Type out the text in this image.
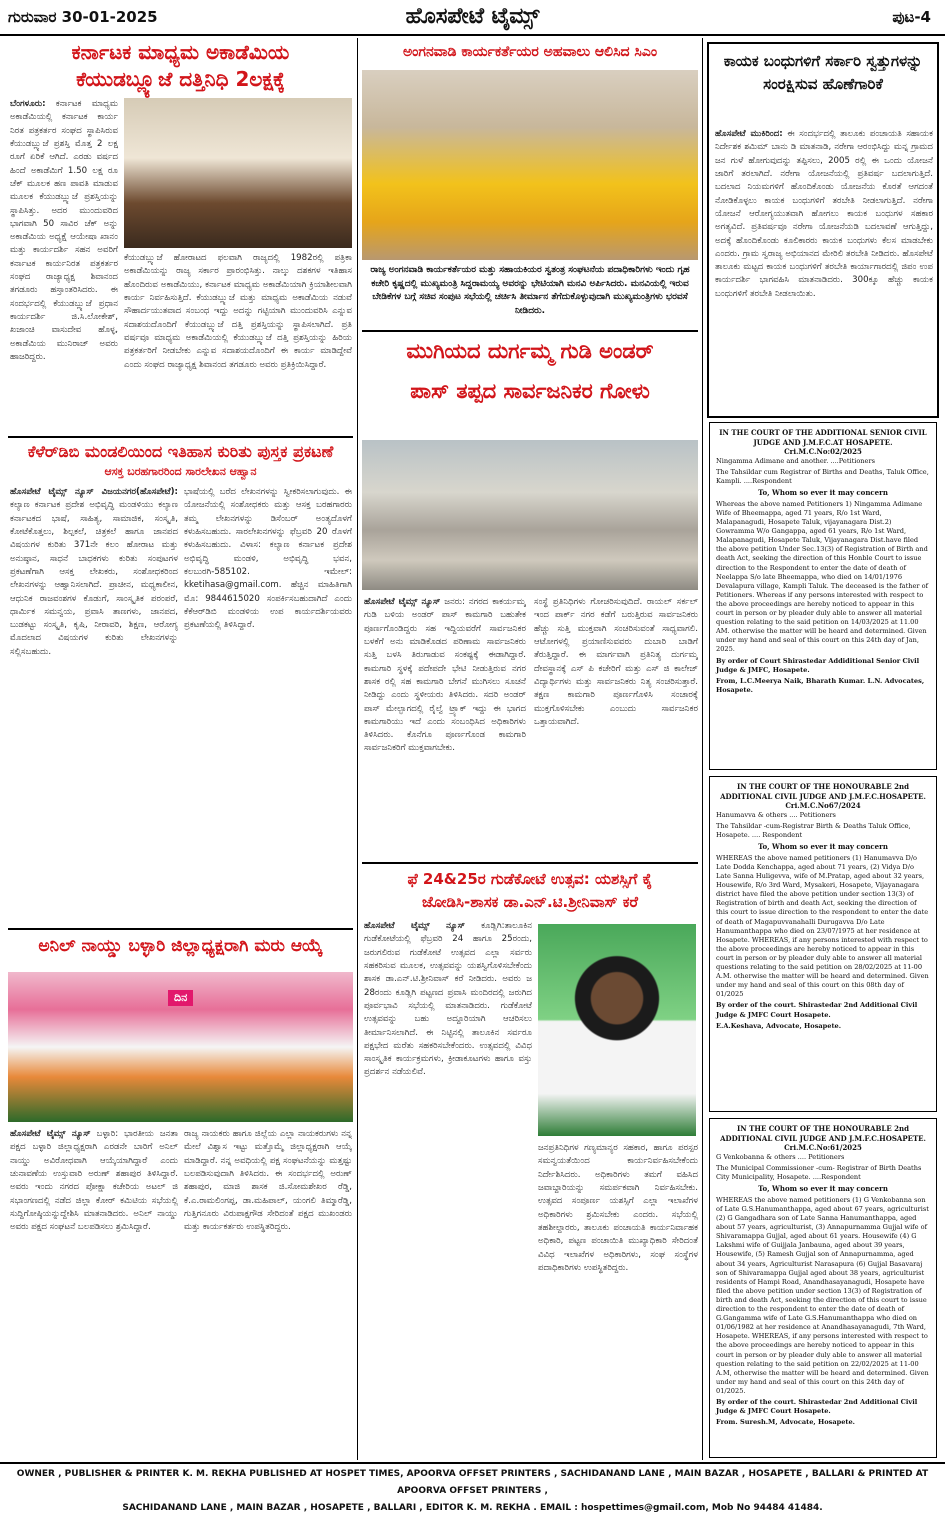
ಹೊಸಪೇಟೆ ಟೈಮ್ಸ್
ಗುರುವಾರ 30-01-2025	ಪುಟ-4
ಕರ್ನಾಟಕ ಮಾಧ್ಯಮ ಅಕಾಡೆಮಿಯ
ಕೆಯುಡಬ್ಲ್ಯೂಜೆ ದತ್ತಿನಿಧಿ 2ಲಕ್ಷಕ್ಕೆ
ಬೆಂಗಳೂರು: ಕರ್ನಾಟಕ ಮಾಧ್ಯಮ ಅಕಾಡೆಮಿಯಲ್ಲಿ ಕರ್ನಾಟಕ ಕಾರ್ಯ ನಿರತ ಪತ್ರಕರ್ತರ ಸಂಘದ ಸ್ಥಾಪಿಸಿರುವ ಕೆಯುಡಬ್ಲ್ಯುಜೆ ಪ್ರಶಸ್ತಿ ಮೊತ್ತ 2 ಲಕ್ಷ ರೂಗೆ ಏರಿಕೆ ಆಗಿದೆ. ಎರಡು ವರ್ಷದ ಹಿಂದೆ ಅಕಾಡೆಮಿಗೆ 1.50 ಲಕ್ಷ ರೂ ಚೆಕ್ ಮೂಲಕ ಹಣ ಪಾವತಿ ಮಾಡುವ ಮೂಲಕ ಕೆಯುಡಬ್ಲ್ಯುಜೆ ಪ್ರಶಸ್ತಿಯನ್ನು ಸ್ಥಾಪಿಸಿತ್ತು. ಅದರ ಮುಂದುವರಿದ ಭಾಗವಾಗಿ 50 ಸಾವಿರ ಚೆಕ್ ಅನ್ನು ಅಕಾಡೆಮಿಯ ಅಧ್ಯಕ್ಷೆ ಆಯೇಷಾ ಖಾನಂ ಮತ್ತು ಕಾರ್ಯದರ್ಶಿ ಸಹನ ಅವರಿಗೆ ಕರ್ನಾಟಕ ಕಾರ್ಯನಿರತ ಪತ್ರಕರ್ತರ ಸಂಘದ ರಾಜ್ಯಾಧ್ಯಕ್ಷ ಶಿವಾನಂದ ತಗಡೂರು ಹಸ್ತಾಂತರಿಸಿದರು. ಈ ಸಂದರ್ಭದಲ್ಲಿ ಕೆಯುಡಬ್ಲ್ಯುಜೆ ಪ್ರಧಾನ ಕಾರ್ಯದರ್ಶಿ ಜಿ.ಸಿ.ಲೋಕೇಶ್, ಖಜಾಂಚಿ ವಾಸುದೇವ ಹೊಳ್ಳ, ಅಕಾಡೆಮಿಯ ಮುನಿರಾಜ್ ಅವರು ಹಾಜರಿದ್ದರು.
ಕೆಯುಡಬ್ಲ್ಯುಜೆ ಹೋರಾಟದ ಫಲವಾಗಿ ರಾಜ್ಯದಲ್ಲಿ 1982ರಲ್ಲಿ ಪತ್ರಿಕಾ ಅಕಾಡೆಮಿಯನ್ನು ರಾಜ್ಯ ಸರ್ಕಾರ ಪ್ರಾರಂಭಿಸಿತ್ತು. ನಾಲ್ಕು ದಶಕಗಳ ಇತಿಹಾಸ ಹೊಂದಿರುವ ಅಕಾಡೆಮಿಯು, ಕರ್ನಾಟಕ ಮಾಧ್ಯಮ ಅಕಾಡೆಮಿಯಾಗಿ ಕ್ರಿಯಾಶೀಲವಾಗಿ ಕಾರ್ಯ ನಿರ್ವಹಿಸುತ್ತಿದೆ. ಕೆಯುಡಬ್ಲ್ಯುಜೆ ಮತ್ತು ಮಾಧ್ಯಮ ಅಕಾಡೆಮಿಯ ನಡುವೆ ಸೌಹಾರ್ದಯುತವಾದ ಸಂಬಂಧ ಇದ್ದು ಅದನ್ನು ಗಟ್ಟಿಯಾಗಿ ಮುಂದುವರಿಸಿ ಎನ್ನುವ ಸದಾಶಯದೊಂದಿಗೆ ಕೆಯುಡಬ್ಲ್ಯುಜೆ ದತ್ತಿ ಪ್ರಶಸ್ತಿಯನ್ನು ಸ್ಥಾಪಿಸಲಾಗಿದೆ. ಪ್ರತಿ ವರ್ಷವೂ ಮಾಧ್ಯಮ ಅಕಾಡೆಮಿಯಲ್ಲಿ ಕೆಯುಡಬ್ಲ್ಯುಜೆ ದತ್ತಿ ಪ್ರಶಸ್ತಿಯನ್ನು ಹಿರಿಯ ಪತ್ರಕರ್ತರಿಗೆ ನೀಡಬೇಕು ಎನ್ನುವ ಸದಾಶಯದೊಂದಿಗೆ ಈ ಕಾರ್ಯ ಮಾಡಿದ್ದೇವೆ ಎಂದು ಸಂಘದ ರಾಜ್ಯಾಧ್ಯಕ್ಷ ಶಿವಾನಂದ ತಗಡೂರು ಅವರು ಪ್ರತಿಕ್ರಿಯಿಸಿದ್ದಾರೆ.
ಕೆಳೆರ್‌ಡಿಬಿ ಮಂಡಲಿಯಿಂದ ಇತಿಹಾಸ ಕುರಿತು ಪುಸ್ತಕ ಪ್ರಕಟಣೆ
ಆಸಕ್ತ ಬರಹಗಾರರಿಂದ ಸಾರಲೇಖನ ಆಹ್ವಾನ
ಹೊಸಪೇಟೆ ಟೈಮ್ಸ್ ನ್ಯೂಸ್ ವಿಜಯನಗರ(ಹೊಸಪೇಟೆ): ಕಲ್ಯಾಣ ಕರ್ನಾಟಕ ಪ್ರದೇಶ ಅಭಿವೃದ್ಧಿ ಮಂಡಳಿಯು ಕಲ್ಯಾಣ ಕರ್ನಾಟಕದ ಭಾಷೆ, ಸಾಹಿತ್ಯ, ಸಾಮಾಜಿಕ, ಸಂಸ್ಕೃತಿ, ಕೋಟೆಕೊತ್ತಲು, ಶಿಲ್ಪಕಲೆ, ಚಿತ್ರಕಲೆ ಹಾಗೂ ಜಾನಪದ ವಿಷಯಗಳ ಕುರಿತು 371ನೇ ಕಲಂ ಹೋರಾಟ ಮತ್ತು ಅನುಷ್ಠಾನ, ಸಾಧನೆ ಬಾಧಕಗಳು ಕುರಿತು ಸಂಪುಟಗಳ ಪ್ರಕಟಣೆಗಾಗಿ ಆಸಕ್ತ ಲೇಖಕರು, ಸಂಶೋಧಕರಿಂದ ಲೇಖನಗಳನ್ನು ಆಹ್ವಾನಿಸಲಾಗಿದೆ. ಪ್ರಾಚೀನ, ಮಧ್ಯಕಾಲೀನ, ಆಧುನಿಕ ರಾಜವಂಶಗಳ ಕೊಡುಗೆ, ಸಾಂಸ್ಕೃತಿಕ ಪರಂಪರೆ, ಧಾರ್ಮಿಕ ಸಮನ್ವಯ, ಪ್ರವಾಸಿ ತಾಣಗಳು, ಜಾನಪದ, ಬುಡಕಟ್ಟು ಸಂಸ್ಕೃತಿ, ಕೃಷಿ, ನೀರಾವರಿ, ಶಿಕ್ಷಣ, ಆರೋಗ್ಯ ಮೊದಲಾದ ವಿಷಯಗಳ ಕುರಿತು ಲೇಖನಗಳನ್ನು ಸಲ್ಲಿಸಬಹುದು.
ಭಾಷೆಯಲ್ಲಿ ಬರೆದ ಲೇಖನಗಳನ್ನು ಸ್ವೀಕರಿಸಲಾಗುವುದು. ಈ ಯೋಜನೆಯಲ್ಲಿ ಸಂಶೋಧಕರು ಮತ್ತು ಆಸಕ್ತ ಬರಹಗಾರರು ತಮ್ಮ ಲೇಖನಗಳನ್ನು ಡಿಸೆಂಬರ್ ಅಂತ್ಯದೊಳಗೆ ಕಳುಹಿಸಬಹುದು. ಸಾರಲೇಖನಗಳನ್ನು ಫೆಬ್ರವರಿ 20 ರೊಳಗೆ ಕಳುಹಿಸಬಹುದು. ವಿಳಾಸ: ಕಲ್ಯಾಣ ಕರ್ನಾಟಕ ಪ್ರದೇಶ ಅಭಿವೃದ್ಧಿ ಮಂಡಳಿ, ಅಭಿವೃದ್ಧಿ ಭವನ, ಕಲಬುರಗಿ-585102. ಇಮೇಲ್: kketihasa@gmail.com. ಹೆಚ್ಚಿನ ಮಾಹಿತಿಗಾಗಿ ಮೊ: 9844615020 ಸಂಪರ್ಕಿಸಬಹುದಾಗಿದೆ ಎಂದು ಕೆಕೆಆರ್‌ಡಿಬಿ ಮಂಡಳಿಯ ಉಪ ಕಾರ್ಯದರ್ಶಿಯವರು ಪ್ರಕಟಣೆಯಲ್ಲಿ ತಿಳಿಸಿದ್ದಾರೆ.
ಅನಿಲ್ ನಾಯ್ಡು ಬಳ್ಳಾರಿ ಜಿಲ್ಲಾಧ್ಯಕ್ಷರಾಗಿ ಮರು ಆಯ್ಕೆ
ದಿನ
ಹೊಸಪೇಟೆ ಟೈಮ್ಸ್ ನ್ಯೂಸ್ ಬಳ್ಳಾರಿ: ಭಾರತೀಯ ಜನತಾ ಪಕ್ಷದ ಬಳ್ಳಾರಿ ಜಿಲ್ಲಾಧ್ಯಕ್ಷರಾಗಿ ಎರಡನೇ ಬಾರಿಗೆ ಅನಿಲ್ ನಾಯ್ಡು ಅವಿರೋಧವಾಗಿ ಆಯ್ಕೆಯಾಗಿದ್ದಾರೆ ಎಂದು ಚುನಾವಣೆಯ ಉಸ್ತುವಾರಿ ಅರುಣ್ ಶಹಾಪುರ ತಿಳಿಸಿದ್ದಾರೆ. ಅವರು ಇಂದು ನಗರದ ಪೋಕ್ಷಾ ಕಚೇರಿಯ ಅಟಲ್ ಜಿ ಸಭಾಂಗಣದಲ್ಲಿ ನಡೆದ ಜಿಲ್ಲಾ ಕೋರ್ ಕಮಿಟಿಯ ಸಭೆಯಲ್ಲಿ ಸುದ್ದಿಗೋಷ್ಠಿಯನ್ನುದ್ದೇಶಿಸಿ ಮಾತನಾಡಿದರು. ಅನಿಲ್ ನಾಯ್ಡು ಅವರು ಪಕ್ಷದ ಸಂಘಟನೆ ಬಲಪಡಿಸಲು ಶ್ರಮಿಸಿದ್ದಾರೆ.
ರಾಜ್ಯ ನಾಯಕರು ಹಾಗೂ ಜಿಲ್ಲೆಯ ಎಲ್ಲಾ ನಾಯಕರುಗಳು ನನ್ನ ಮೇಲೆ ವಿಶ್ವಾಸ ಇಟ್ಟು ಮತ್ತೊಮ್ಮೆ ಜಿಲ್ಲಾಧ್ಯಕ್ಷರಾಗಿ ಆಯ್ಕೆ ಮಾಡಿದ್ದಾರೆ. ನನ್ನ ಅವಧಿಯಲ್ಲಿ ಪಕ್ಷ ಸಂಘಟನೆಯನ್ನು ಮತ್ತಷ್ಟು ಬಲಪಡಿಸುವುದಾಗಿ ತಿಳಿಸಿದರು. ಈ ಸಂದರ್ಭದಲ್ಲಿ ಅರುಣ್ ಶಹಾಪುರ, ಮಾಜಿ ಶಾಸಕ ಜಿ.ಸೋಮಶೇಖರ ರೆಡ್ಡಿ, ಕೆ.ಎ.ರಾಮಲಿಂಗಪ್ಪ, ಡಾ.ಮಹಿಪಾಲ್, ಯಂಗಲಿ ತಿಮ್ಮಾರೆಡ್ಡಿ, ಗುತ್ತಿಗನೂರು ವಿರುಪಾಕ್ಷಗೌಡ ಸೇರಿದಂತೆ ಪಕ್ಷದ ಮುಖಂಡರು ಮತ್ತು ಕಾರ್ಯಕರ್ತರು ಉಪಸ್ಥಿತರಿದ್ದರು.
ಅಂಗನವಾಡಿ ಕಾರ್ಯಕರ್ತೆಯರ ಅಹವಾಲು ಆಲಿಸಿದ ಸಿಎಂ
ರಾಜ್ಯ ಅಂಗನವಾಡಿ ಕಾರ್ಯಕರ್ತೆಯರ ಮತ್ತು ಸಹಾಯಕಿಯರ ಸ್ವತಂತ್ರ ಸಂಘಟನೆಯ ಪದಾಧಿಕಾರಿಗಳು ಇಂದು ಗೃಹ ಕಚೇರಿ ಕೃಷ್ಣದಲ್ಲಿ ಮುಖ್ಯಮಂತ್ರಿ ಸಿದ್ದರಾಮಯ್ಯ ಅವರನ್ನು ಭೇಟಿಯಾಗಿ ಮನವಿ ಅರ್ಪಿಸಿದರು. ಮನವಿಯಲ್ಲಿ ಇರುವ ಬೇಡಿಕೆಗಳ ಬಗ್ಗೆ ಸಚಿವ ಸಂಪುಟ ಸಭೆಯಲ್ಲಿ ಚರ್ಚಿಸಿ ತೀರ್ಮಾನ ತೆಗೆದುಕೊಳ್ಳುವುದಾಗಿ ಮುಖ್ಯಮಂತ್ರಿಗಳು ಭರವಸೆ ನೀಡಿದರು.
ಮುಗಿಯದ ದುರ್ಗಮ್ಮ ಗುಡಿ ಅಂಡರ್
ಪಾಸ್ ತಪ್ಪದ ಸಾರ್ವಜನಿಕರ ಗೋಳು
ಹೊಸಪೇಟೆ ಟೈಮ್ಸ್ ನ್ಯೂಸ್ ಜನರು: ನಗರದ ಕಾಕರ್ಯಮ್ಮ ಗುಡಿ ಬಳಿಯ ಅಂಡರ್ ಪಾಸ್ ಕಾಮಗಾರಿ ಬಹುತೇಕ ಪೂರ್ಣಗೊಂಡಿದ್ದರು ಸಹ ಇದ್ದಿಯವರೆಗೆ ಸಾರ್ವಜನಿಕರ ಬಳಕೆಗೆ ಅನು ಮಾಡಿಕೊಡದ ಪರಿಣಾಮ ಸಾರ್ವಜನಿಕರು ಸುತ್ತಿ ಬಳಸಿ ತಿರುಗಾಡುವ ಸಂಕಷ್ಟಕ್ಕೆ ಈಡಾಗಿದ್ದಾರೆ. ಕಾಮಗಾರಿ ಸ್ಥಳಕ್ಕೆ ಪದೇಪದೇ ಭೇಟಿ ನೀಡುತ್ತಿರುವ ನಗರ ಶಾಸಕ ರಲ್ಲಿ ಸಹ ಕಾಮಗಾರಿ ಬೇಗನೆ ಮುಗಿಸಲು ಸೂಚನೆ ನೀಡಿದ್ದು ಎಂದು ಸ್ಥಳೀಯರು ತಿಳಿಸಿದರು. ಸದರಿ ಅಂಡರ್ ಪಾಸ್ ಮೇಲ್ಭಾಗದಲ್ಲಿ ರೈಲ್ವೆ ಟ್ರ್ಯಾಕ್ ಇದ್ದು ಈ ಭಾಗದ ಕಾಮಗಾರಿಯು ಇದೆ ಎಂದು ಸಂಬಂಧಿಸಿದ ಅಧಿಕಾರಿಗಳು ತಿಳಿಸಿದರು. ಕೊನೆಗೂ ಪೂರ್ಣಗೊಂಡ ಕಾಮಗಾರಿ ಸಾರ್ವಜನಿಕರಿಗೆ ಮುಕ್ತವಾಗಬೇಕು.
ಸಂಸ್ಥೆ ಪ್ರತಿನಿಧಿಗಳು ಗೋಚರಿಸುವುದಿದೆ. ರಾಯಲ್ ಸರ್ಕಲ್ ಇಂದ ಪಾರ್ಕ್ ನಗರ ಕಡೆಗೆ ಬರುತ್ತಿರುವ ಸಾರ್ವಜನಿಕರು ಹೆಚ್ಚು ಸುತ್ತಿ ಮುಕ್ತವಾಗಿ ಸಂಚರಿಸುವಂತೆ ಸಾಧ್ಯವಾಗಲಿ. ಆಟೋಗಳಲ್ಲಿ ಪ್ರಯಾಣಿಸುವವರು ದುಬಾರಿ ಬಾಡಿಗೆ ತೆರುತ್ತಿದ್ದಾರೆ. ಈ ಮಾರ್ಗವಾಗಿ ಪ್ರತಿನಿತ್ಯ ದುರ್ಗಮ್ಮ ದೇವಸ್ಥಾನಕ್ಕೆ ಎಸ್ ಪಿ ಕಚೇರಿಗೆ ಮತ್ತು ಎಸ್ ಜಿ ಕಾಲೇಜ್ ವಿದ್ಯಾರ್ಥಿಗಳು ಮತ್ತು ಸಾರ್ವಜನಿಕರು ನಿತ್ಯ ಸಂಚರಿಸುತ್ತಾರೆ. ತಕ್ಷಣ ಕಾಮಗಾರಿ ಪೂರ್ಣಗೊಳಿಸಿ ಸಂಚಾರಕ್ಕೆ ಮುಕ್ತಗೊಳಿಸಬೇಕು ಎಂಬುದು ಸಾರ್ವಜನಿಕರ ಒತ್ತಾಯವಾಗಿದೆ.
ಫೆ 24&25ರ ಗುಡೆಕೋಟೆ ಉತ್ಸವ: ಯಶಸ್ಸಿಗೆ ಕೈ
ಜೋಡಿಸಿ-ಶಾಸಕ ಡಾ.ಎನ್.ಟಿ.ಶ್ರೀನಿವಾಸ್ ಕರೆ
ಹೊಸಪೇಟೆ ಟೈಮ್ಸ್ ನ್ಯೂಸ್ ಕೂಡ್ಲಿಗಿ:ತಾಲೂಕಿನ ಗುಡೆಕೋಟೆಯಲ್ಲಿ ಫೆಬ್ರವರಿ 24 ಹಾಗೂ 25ರಂದು, ಜರುಗಲಿರುವ ಗುಡೆಕೋಟೆ ಉತ್ಸವದ ಎಲ್ಲಾ ಸರ್ವರು ಸಹಕರಿಸುವ ಮೂಲಕ, ಉತ್ಸವವನ್ನು ಯಶಸ್ವಿಗೊಳಿಸಬೇಕೆಂದು ಶಾಸಕ ಡಾ.ಎನ್.ಟಿ.ಶ್ರೀನಿವಾಸ್ ಕರೆ ನೀಡಿದರು. ಅವರು ಜ 28ರಂದು ಕೂಡ್ಲಿಗಿ ಪಟ್ಟಣದ ಪ್ರವಾಸಿ ಮಂದಿರದಲ್ಲಿ ಜರುಗಿದ ಪೂರ್ವಭಾವಿ ಸಭೆಯಲ್ಲಿ ಮಾತನಾಡಿದರು. ಗುಡೆಕೋಟೆ ಉತ್ಸವವನ್ನು ಬಹು ಅದ್ದೂರಿಯಾಗಿ ಆಚರಿಸಲು ತೀರ್ಮಾನಿಸಲಾಗಿದೆ. ಈ ನಿಟ್ಟಿನಲ್ಲಿ ತಾಲೂಕಿನ ಸರ್ವರೂ ಪಕ್ಷಭೇದ ಮರೆತು ಸಹಕರಿಸಬೇಕೆಂದರು. ಉತ್ಸವದಲ್ಲಿ ವಿವಿಧ ಸಾಂಸ್ಕೃತಿಕ ಕಾರ್ಯಕ್ರಮಗಳು, ಕ್ರೀಡಾಕೂಟಗಳು ಹಾಗೂ ವಸ್ತು ಪ್ರದರ್ಶನ ನಡೆಯಲಿವೆ.
ಜನಪ್ರತಿನಿಧಿಗಳ ಗಣ್ಯಮಾನ್ಯರ ಸಹಕಾರ, ಹಾಗೂ ಪರಸ್ಪರ ಸಮನ್ವಯತೆಯಿಂದ ಕಾರ್ಯನಿರ್ವಹಿಸಬೇಕೆಂದು ನಿರ್ದೇಶಿಸಿದರು. ಅಧಿಕಾರಿಗಳು ತಮಗೆ ವಹಿಸಿದ ಜವಾಬ್ದಾರಿಯನ್ನು ಸಮರ್ಪಕವಾಗಿ ನಿರ್ವಹಿಸಬೇಕು. ಉತ್ಸವದ ಸಂಪೂರ್ಣ ಯಶಸ್ಸಿಗೆ ಎಲ್ಲಾ ಇಲಾಖೆಗಳ ಅಧಿಕಾರಿಗಳು ಶ್ರಮಿಸಬೇಕು ಎಂದರು. ಸಭೆಯಲ್ಲಿ ತಹಶೀಲ್ದಾರರು, ತಾಲೂಕು ಪಂಚಾಯತಿ ಕಾರ್ಯನಿರ್ವಾಹಕ ಅಧಿಕಾರಿ, ಪಟ್ಟಣ ಪಂಚಾಯಿತಿ ಮುಖ್ಯಾಧಿಕಾರಿ ಸೇರಿದಂತೆ ವಿವಿಧ ಇಲಾಖೆಗಳ ಅಧಿಕಾರಿಗಳು, ಸಂಘ ಸಂಸ್ಥೆಗಳ ಪದಾಧಿಕಾರಿಗಳು ಉಪಸ್ಥಿತರಿದ್ದರು.
ಕಾಯಕ ಬಂಧುಗಳಿಗೆ ಸರ್ಕಾರಿ ಸ್ವತ್ತುಗಳನ್ನು ಸಂರಕ್ಷಿಸುವ ಹೊಣೆಗಾರಿಕೆ
ಹೊಸಪೇಟೆ ಮುಕಿರಿಂದ: ಈ ಸಂದರ್ಭದಲ್ಲಿ ತಾಲೂಕು ಪಂಚಾಯತಿ ಸಹಾಯಕ ನಿರ್ದೇಶಕ ಶಮಿಮ್ ಬಾನು ಡಿ ಮಾತನಾಡಿ, ನರೇಗಾ ಆರಂಭಿಸಿದ್ದು ಮನ್ನ ಗ್ರಾಮದ ಜನ ಗುಳೆ ಹೋಗುವುದನ್ನು ತಪ್ಪಿಸಲು, 2005 ರಲ್ಲಿ ಈ ಒಂದು ಯೋಜನೆ ಜಾರಿಗೆ ತರಲಾಗಿದೆ. ನರೇಗಾ ಯೋಜನೆಯಲ್ಲಿ ಪ್ರತಿವರ್ಷ ಬದಲಾಗುತ್ತಿದೆ. ಬದಲಾದ ನಿಯಮಗಳಿಗೆ ಹೊಂದಿಕೊಂಡು ಯೋಜನೆಯ ಕೊರತೆ ಆಗದಂತೆ ನೋಡಿಕೊಳ್ಳಲು ಕಾಯಕ ಬಂಧುಗಳಿಗೆ ತರಬೇತಿ ನೀಡಲಾಗುತ್ತಿದೆ. ನರೇಗಾ ಯೋಜನೆ ಆರೋಗ್ಯಯುತವಾಗಿ ಹೋಗಲು ಕಾಯಕ ಬಂಧುಗಳ ಸಹಕಾರ ಅಗತ್ಯವಿದೆ. ಪ್ರತಿವರ್ಷವೂ ನರೇಗಾ ಯೋಜನೆಯಡಿ ಬದಲಾವಣೆ ಆಗುತ್ತಿದ್ದು, ಅದಕ್ಕೆ ಹೊಂದಿಕೊಂಡು ಕೂಲಿಕಾರರು ಕಾಯಕ ಬಂಧುಗಳು ಕೆಲಸ ಮಾಡಬೇಕು ಎಂದರು. ಗ್ರಾಮ ಸ್ವರಾಜ್ಯ ಅಭಿಯಾನದ ಮೇರಿಲಿ ತರಬೇತಿ ನೀಡಿದರು. ಹೊಸಪೇಟೆ ತಾಲೂಕು ಮಟ್ಟದ ಕಾಯಕ ಬಂಧುಗಳಿಗೆ ತರಬೇತಿ ಕಾರ್ಯಾಗಾರದಲ್ಲಿ ಜಿಪಂ ಉಪ ಕಾರ್ಯದರ್ಶಿ ಭಾಗವಹಿಸಿ ಮಾತನಾಡಿದರು. 300ಕ್ಕೂ ಹೆಚ್ಚು ಕಾಯಕ ಬಂಧುಗಳಿಗೆ ತರಬೇತಿ ನೀಡಲಾಯಿತು.
IN THE COURT OF THE ADDITIONAL SENIOR CIVIL JUDGE AND J.M.F.C.AT HOSAPETE.
Cri.M.C.No:02/2025

Ningamma Adimane and another. ....Petitioners

The Tahsildar cum Registrar of Births and Deaths, Taluk Office, Kampli. ....Respondent

To, Whom so ever it may concern

Whereas the above named Petitioners 1) Ningamma Adimane Wife of Bheemappa, aged 71 years, R/o 1st Ward, Malapanagudi, Hosapete Taluk, vijayanagara Dist.2) Gowramma W/o Gangappa, aged 61 years, R/o 1st Ward, Malapanagudi, Hosapete Taluk, Vijayanagara Dist.have filed the above petition Under Sec.13(3) of Registration of Birth and death Act, seeking the direction of this Honble Court to issue direction to the Respondent to enter the date of death of Neelappa S/o late Bheemappa, who died on 14/01/1976 Devalapura village, Kampli Taluk. The deceased is the father of Petitioners. Whereas if any persons interested with respect to the above proceedings are hereby noticed to appear in this court in person or by pleader duly able to answer all material question relating to the said petition on 14/03/2025 at 11.00 AM. otherwise the matter will be heard and determined. Given under my hand and seal of this court on this 24th day of Jan, 2025.

By order of Court Shirastedar Addiditional Senior Civil Judge & JMFC, Hosapete.

From, L.C.Meerya Naik, Bharath Kumar. L.N. Advocates, Hosapete.

IN THE COURT OF THE HONOURABLE 2nd ADDITIONAL CIVIL JUDGE AND J.M.F.C.HOSAPETE.
Cri.M.C.No67/2024

Hanumavva & others .... Petitioners

The Tahsildar -cum-Registrar Birth & Deaths Taluk Office, Hosapete. .... Respondent

To, Whom so ever it may concern

WHEREAS the above named petitioners (1) Hanumavva D/o Late Dodda Kenchappa, aged about 71 years, (2) Vidya D/o Late Sanna Huligevva, wife of M.Pratap, aged about 32 years, Housewife, R/o 3rd Ward, Mysakeri, Hosapete, Vijayanagara district have filed the above petition under section 13(3) of Registration of birth and death Act, seeking the direction of this court to issue direction to the respondent to enter the date of death of Magapuvvanahalli Durugavva D/o Late Hanumanthappa who died on 23/07/1975 at her residence at Hosapete. WHEREAS, if any persons interested with respect to the above proceedings are hereby noticed to appear in this court in person or by pleader duly able to answer all material questions relating to the said petition on 28/02/2025 at 11-00 A.M. otherwise the matter will be heard and determined. Given under my hand and seal of this court on this 08th day of 01/2025

By order of the court. Shirastedar 2nd Additional Civil Judge & JMFC Court Hosapete.

E.A.Keshava, Advocate, Hosapete.

IN THE COURT OF THE HONOURABLE 2nd ADDITIONAL CIVIL JUDGE AND J.M.F.C.HOSAPETE.
Cri.M.C.No:61/2025

G Venkobanna & others .... Petitioners

The Municipal Commissioner -cum- Registrar of Birth Deaths City Municipality, Hosapete. ....Respondent

To, Whom so ever it may concern

WHEREAS the above named petitioners (1) G Venkobanna son of Late G.S.Hanumanthappa, aged about 67 years, agriculturist (2) G Gangadhara son of Late Sanna Hanumanthappa, aged about 57 years, agriculturist, (3) Annapurnamma Gujjal wife of Shivaramappa Gujjal, aged about 61 years. Housewife (4) G Lakshmi wife of Guijjala Janbauna, aged about 39 years, Housewife, (5) Ramesh Gujjal son of Annapurnamma, aged about 34 years, Agriculturist Narasapura (6) Gujjal Basavaraj son of Shivaramappa Gujjal aged about 38 years, agriculturist residents of Hampi Road, Anandhasayanagudi, Hosapete have filed the above petition under section 13(3) of Registration of birth and death Act, seeking the direction of this court to issue direction to the respondent to enter the date of death of G.Gangamma wife of Late G.S.Hanumanthappa who died on 01/06/1982 at her residence at Anandhasayanagudi, 7th Ward, Hosapete. WHEREAS, if any persons interested with respect to the above proceedings are hereby noticed to appear in this court in person or by pleader duly able to answer all material question relating to the said petition on 22/02/2025 at 11-00 A.M, otherwise the matter will be heard and determined. Given under my hand and seal of this court on this 24th day of 01/2025.

By order of the court. Shirastedar 2nd Additional Civil Judge & JMFC Court Hosapete.

From. Suresh.M, Advocate, Hosapete.

OWNER , PUBLISHER & PRINTER K. M. REKHA PUBLISHED AT HOSPET TIMES, APOORVA OFFSET PRINTERS , SACHIDANAND LANE , MAIN BAZAR , HOSAPETE , BALLARI & PRINTED AT APOORVA OFFSET PRINTERS ,
SACHIDANAND LANE , MAIN BAZAR , HOSAPETE , BALLARI , EDITOR K. M. REKHA . EMAIL : hospettimes@gmail.com, Mob No 94484 41484.
